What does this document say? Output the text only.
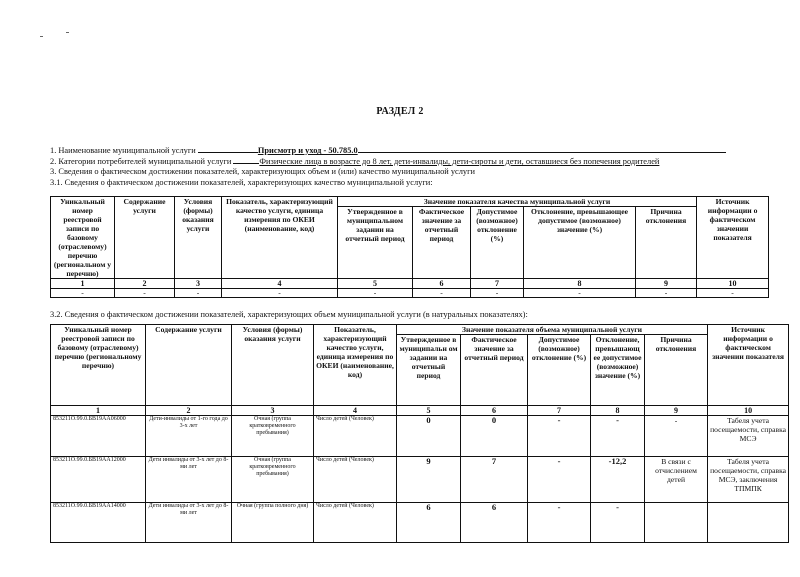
РАЗДЕЛ 2
1. Наименование муниципальной услуги	Присмотр и уход - 50.785.0
2. Категории потребителей муниципальной услуги	Физические лица в возрасте до 8 лет, дети-инвалиды, дети-сироты и дети, оставшиеся без попечения родителей
3. Сведения о фактическом достижении показателей, характеризующих объем и (или) качество муниципальной услуги
3.1. Сведения о фактическом достижении показателей, характеризующих качество муниципальной услуги:
Уникальный номер реестровой записи по базовому (отраслевому) перечню (региональном у перечню)	Содержание услуги	Условия (формы) оказания услуги	Показатель, характеризующий качество услуги, единица измерения по ОКЕИ (наименование, код)	Значение показателя качества муниципальной услуги					Источник информации о фактическом значении показателя
				Утвержденное в муниципальном задании на отчетный период	Фактическое значение за отчетный период	Допустимое (возможное) отклонение (%)	Отклонение, превышающее допустимое (возможное) значение (%)	Причина отклонения	
1	2	3	4	5	6	7	8	9	10
-	-	-	-	-	-	-	-	-	-
3.2. Сведения о фактическом достижении показателей, характеризующих объем муниципальной услуги (в натуральных показателях):
Уникальный номер реестровой записи по базовому (отраслевому) перечню (региональному перечню)	Содержание услуги	Условия (формы) оказания услуги	Показатель, характеризующий качество услуги, единица измерения по ОКЕИ (наименование, код)	Значение показателя объема муниципальной услуги					Источник информации о фактическом значении показателя
				Утвержденное в муниципальн ом задании на отчетный период	Фактическое значение за отчетный период	Допустимое (возможное) отклонение (%)	Отклонение, превышающ ее допустимое (возможное) значение (%)	Причина отклонения	
1	2	3	4	5	6	7	8	9	10
853211О.99.0.БВ19АА06000	Дети-инвалиды от 1-го года до 3-х лет	Очная (группа кратковременного пребывания)	Число детей (Человек)	0	0	-	-	-	Табеля учета посещаемости, справка МСЭ
853211О.99.0.БВ19АА12000	Дети инвалиды от 3-х лет до 8-ми лет	Очная (группа кратковременного пребывания)	Число детей (Человек)	9	7	-	-12,2	В связи с отчислением детей	Табеля учета посещаемости, справка МСЭ, заключения ТПМПК
853211О.99.0.БВ19АА14000	Дети инвалиды от 3-х лет до 8-ми лет	Очная (группа полного дня)	Число детей (Человек)	6	6	-	-		
